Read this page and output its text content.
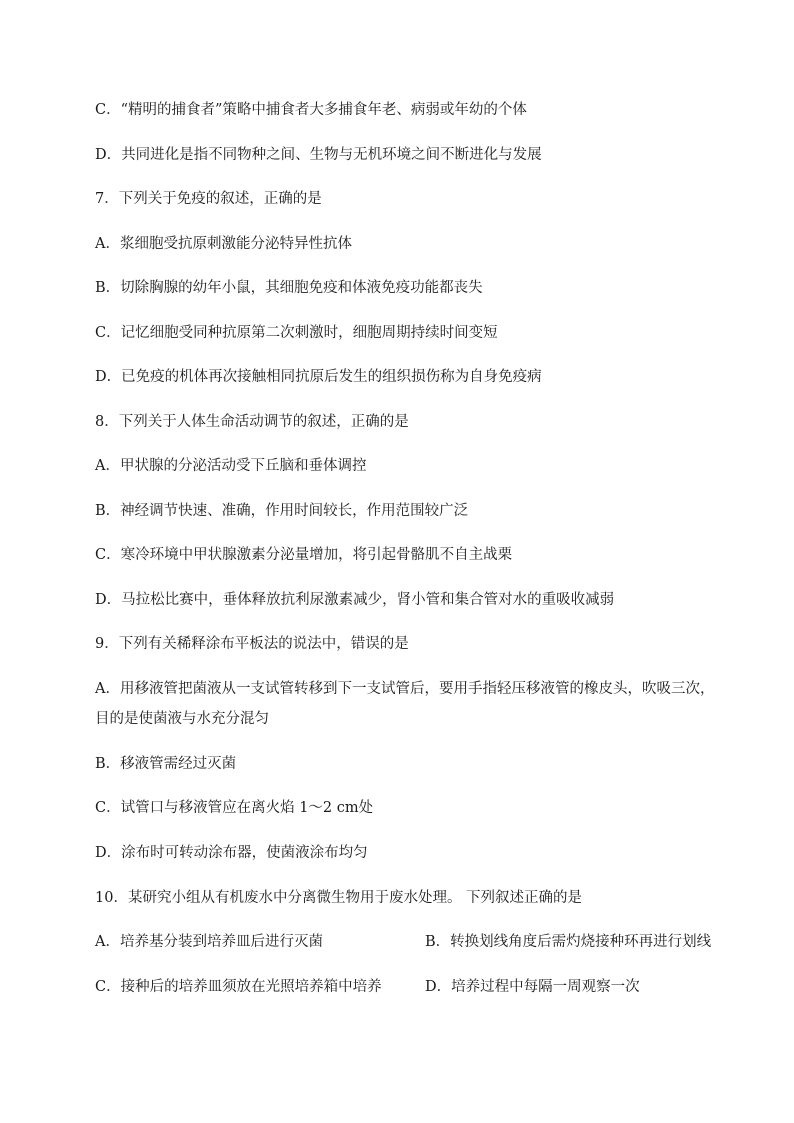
C．“精明的捕食者”策略中捕食者大多捕食年老、病弱或年幼的个体
D．共同进化是指不同物种之间、生物与无机环境之间不断进化与发展
7．下列关于免疫的叙述，正确的是
A．浆细胞受抗原刺激能分泌特异性抗体
B．切除胸腺的幼年小鼠，其细胞免疫和体液免疫功能都丧失
C．记忆细胞受同种抗原第二次刺激时，细胞周期持续时间变短
D．已免疫的机体再次接触相同抗原后发生的组织损伤称为自身免疫病
8．下列关于人体生命活动调节的叙述，正确的是
A．甲状腺的分泌活动受下丘脑和垂体调控
B．神经调节快速、准确，作用时间较长，作用范围较广泛
C．寒冷环境中甲状腺激素分泌量增加，将引起骨骼肌不自主战栗
D．马拉松比赛中，垂体释放抗利尿激素减少，肾小管和集合管对水的重吸收减弱
9．下列有关稀释涂布平板法的说法中，错误的是
A．用移液管把菌液从一支试管转移到下一支试管后，要用手指轻压移液管的橡皮头，吹吸三次，
目的是使菌液与水充分混匀
B．移液管需经过灭菌
C．试管口与移液管应在离火焰 1～2 cm处
D．涂布时可转动涂布器，使菌液涂布均匀
10．某研究小组从有机废水中分离微生物用于废水处理。 下列叙述正确的是
A．培养基分装到培养皿后进行灭菌	B．转换划线角度后需灼烧接种环再进行划线
C．接种后的培养皿须放在光照培养箱中培养	D．培养过程中每隔一周观察一次
